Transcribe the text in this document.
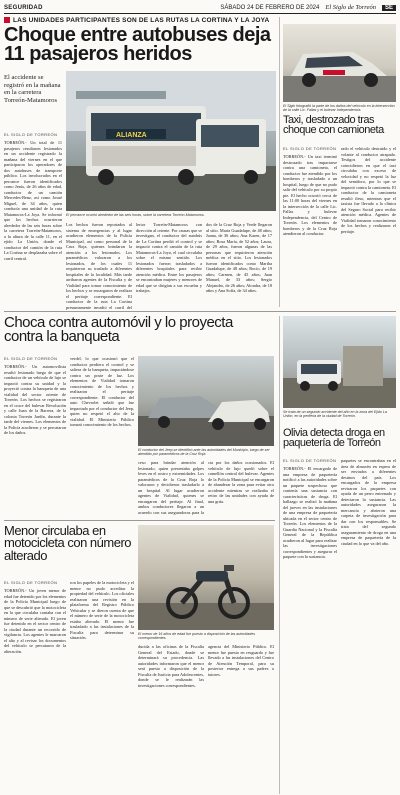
SEGURIDAD	SÁBADO 24 DE FEBRERO DE 2024 El Siglo de Torreón	SE
LAS UNIDADES PARTICIPANTES SON DE LAS RUTAS LA CORTINA Y LA JOYA
Choque entre autobuses deja 11 pasajeros heridos
El accidente se registró en la mañana en la carretera Torreón-Matamoros
EL SIGLO DE TORREÓN
TORREÓN.- Un total de 11 pasajeros resultaron lesionados en un accidente registrado la mañana del viernes en el que participaron los operadores de dos autobuses de transporte público. Los involucrados en el percance fueron identificados como Jesús, de 26 años de edad, conductor de un camión Mercedes-Benz, así como Josué Miguel, de 34 años, quien conducía una unidad de la ruta Matamoros-La Joya. Se informó que los hechos ocurrieron alrededor de las seis horas sobre la carretera Torreón-Matamoros, a la altura de la calle 11, en el ejido La Unión, donde el conductor del camión de la ruta La Cortina se desplazaba sobre el carril central.
ALIANZA
El percance ocurrió alrededor de las seis horas, sobre la carretera Torreón-Matamoros.
Los hechos fueron reportados al sistema de emergencias y al lugar acudieron elementos de la Policía Municipal, así como personal de la Cruz Roja, quienes brindaron la atención a los lesionados. Los paramédicos valoraron a los lesionados, de los cuales 11 requirieron su traslado a diferentes hospitales de la localidad. Más tarde arribaron agentes de la Fiscalía y de Vialidad para tomar conocimiento de los hechos y se encargaron de realizar el peritaje correspondiente. El conductor de la ruta La Cortina presuntamente invadió el carril del
lerior Torreón-Matamoros con dirección al oriente. Por causas que se investigan, el conductor del autobús de La Cortina perdió el control y se impactó contra el camión de la ruta Matamoros-La Joya, el cual circulaba sobre el mismo sentido. Los lesionados fueron trasladados a diferentes hospitales para recibir atención médica. Entre los pasajeros se encontraban mujeres y menores de edad que se dirigían a sus escuelas y trabajos.
dos de la Cruz Roja y Verde llegaron al sitio. María Guadalupe, de 48 años; Juana, de 36 años; Ana Karen, de 17 años; Rosa María, de 52 años; Laura, de 29 años, fueron algunas de las personas que requirieron atención médica en el sitio. Los lesionados fueron identificados como Martha Guadalupe, de 48 años; Rocío, de 19 años; Carmen, de 45 años; Juan Manuel, de 33 años; Sergio Alejandro, de 26 años; Alondra, de 18 años y Ana Sofía, de 34 años.
El Siglo fotografió la parte de los daños del vehículo en la intersección de la calle Lic. Fallas y el bulevar Independencia.
Taxi, destrozado tras choque con camioneta
EL SIGLO DE TORREÓN
TORREÓN.- Un taxi terminó destrozado tras impactarse contra una camioneta, el conductor fue atendido por los bomberos y trasladado a un hospital, luego de que no pudo salir del vehículo por su propio pie. El hecho ocurrió cerca de las 11:00 horas del viernes en la intersección de la calle Lic. Fallas y bulevar Independencia, del Centro de Torreón. Los elementos de bomberos y de la Cruz Roja atendieron al conductor.
rado el vehículo destruido y el volante al conductor atrapado. Testigos del accidente coincidieron en que el taxi circulaba con exceso de velocidad y no respetó la luz del semáforo, por lo que se impactó contra la camioneta. El conductor de la camioneta resultó ileso, mientras que el taxista fue llevado a la clínica del Seguro Social para recibir atención médica. Agentes de Vialidad tomaron conocimiento de los hechos y realizaron el peritaje.
Choca contra automóvil y lo proyecta contra la banqueta
EL SIGLO DE TORREÓN
TORREÓN.- Un automovilista resultó lesionado luego de que el conductor de un vehículo de lujo se impactó contra su unidad y la proyectó contra la banqueta de una vialidad del sector oriente de Torreón. Los hechos se registraron en el cruce del bulevar Revolución y calle Juan de la Barrera, de la colonia Torreón Jardín, durante la tarde del viernes. Los elementos de la Policía acudieron y se percataron de los daños.
verdel, lo que ocasionó que el conductor perdiera el control y se saliera de la banqueta, impactándose contra un poste de luz. Los elementos de Vialidad tomaron conocimiento de los hechos y realizaron el peritaje correspondiente. El conductor del auto Chevrolet señaló que fue impactado por el conductor del Jeep, quien no respetó el alto de la vialidad. El Ministerio Público tomará conocimiento de los hechos.
El conductor del Jeep se identificó ante las autoridades del Municipio, luego de ser atendido por paramédicos de la Cruz Roja.
ceso para brindar atención al lesionado, quien presentaba golpes leves en el rostro y extremidades. Los paramédicos de la Cruz Roja lo valoraron y decidieron trasladarlo a un hospital. Al lugar acudieron agentes de Vialidad, quienes se encargaron del peritaje. Al final, ambos conductores llegaron a un acuerdo con sus aseguradoras para la
cia por los daños ocasionados. El vehículo de lujo quedó sobre el camellón central del bulevar. Agentes de la Policía Municipal se encargaron de abanderar la zona para evitar otro accidente mientras se realizaba el retiro de las unidades con ayuda de una grúa.
Se trata de un segundo accidente del año en la zona del Ejido La Unión, en la periferia de la ciudad de Torreón.
Olivia detecta droga en paquetería de Torreón
EL SIGLO DE TORREÓN
TORREÓN.- El encargado de una empresa de paquetería notificó a las autoridades sobre un paquete sospechoso que contenía una sustancia con características de droga. El hallazgo se realizó la mañana del jueves en las instalaciones de una empresa de paquetería ubicada en el sector centro de Torreón. Los elementos de la Guardia Nacional y la Fiscalía General de la República acudieron al lugar para realizar las investigaciones correspondientes y asegurar el paquete con la sustancia.
paquetes se encontraban en el área de almacén en espera de ser enviados a diferentes destinos del país. Los encargados de la empresa revisaron los paquetes con ayuda de un perro entrenado y detectaron la sustancia. Las autoridades aseguraron la mercancía y abrieron una carpeta de investigación para dar con los responsables. Se trata del segundo aseguramiento de droga en una empresa de paquetería de la ciudad en lo que va del año.
Menor circulaba en motocicleta con número alterado
EL SIGLO DE TORREÓN
TORREÓN.- Un joven menor de edad fue detenido por los elementos de la Policía Municipal luego de que se descubrió que la motocicleta en la que circulaba contaba con el número de serie alterado. El joven fue detenido en el sector centro de la ciudad durante un recorrido de vigilancia. Los agentes le marcaron el alto y al revisar los documentos del vehículo se percataron de la alteración.
ron los papeles de la motocicleta y el menor no pudo acreditar la propiedad del vehículo. Los oficiales realizaron una revisión en la plataforma del Registro Público Vehicular y se dieron cuenta de que el número de serie de la motocicleta estaba alterado. El menor fue trasladado a las instalaciones de la Fiscalía para determinar su situación.
El menor de 16 años de edad fue puesto a disposición de las autoridades correspondientes.
ducida a las oficinas de la Fiscalía General del Estado, donde se determinará su procedencia. Las autoridades informaron que el menor será puesto a disposición de la Fiscalía de Justicia para Adolescentes, donde se le realizarán las investigaciones correspondientes.
agencia del Ministerio Público. El menor fue puesto en resguardo y fue llevado a las instalaciones del Centro de Atención Temporal, para su posterior entrega a sus padres o tutores.
